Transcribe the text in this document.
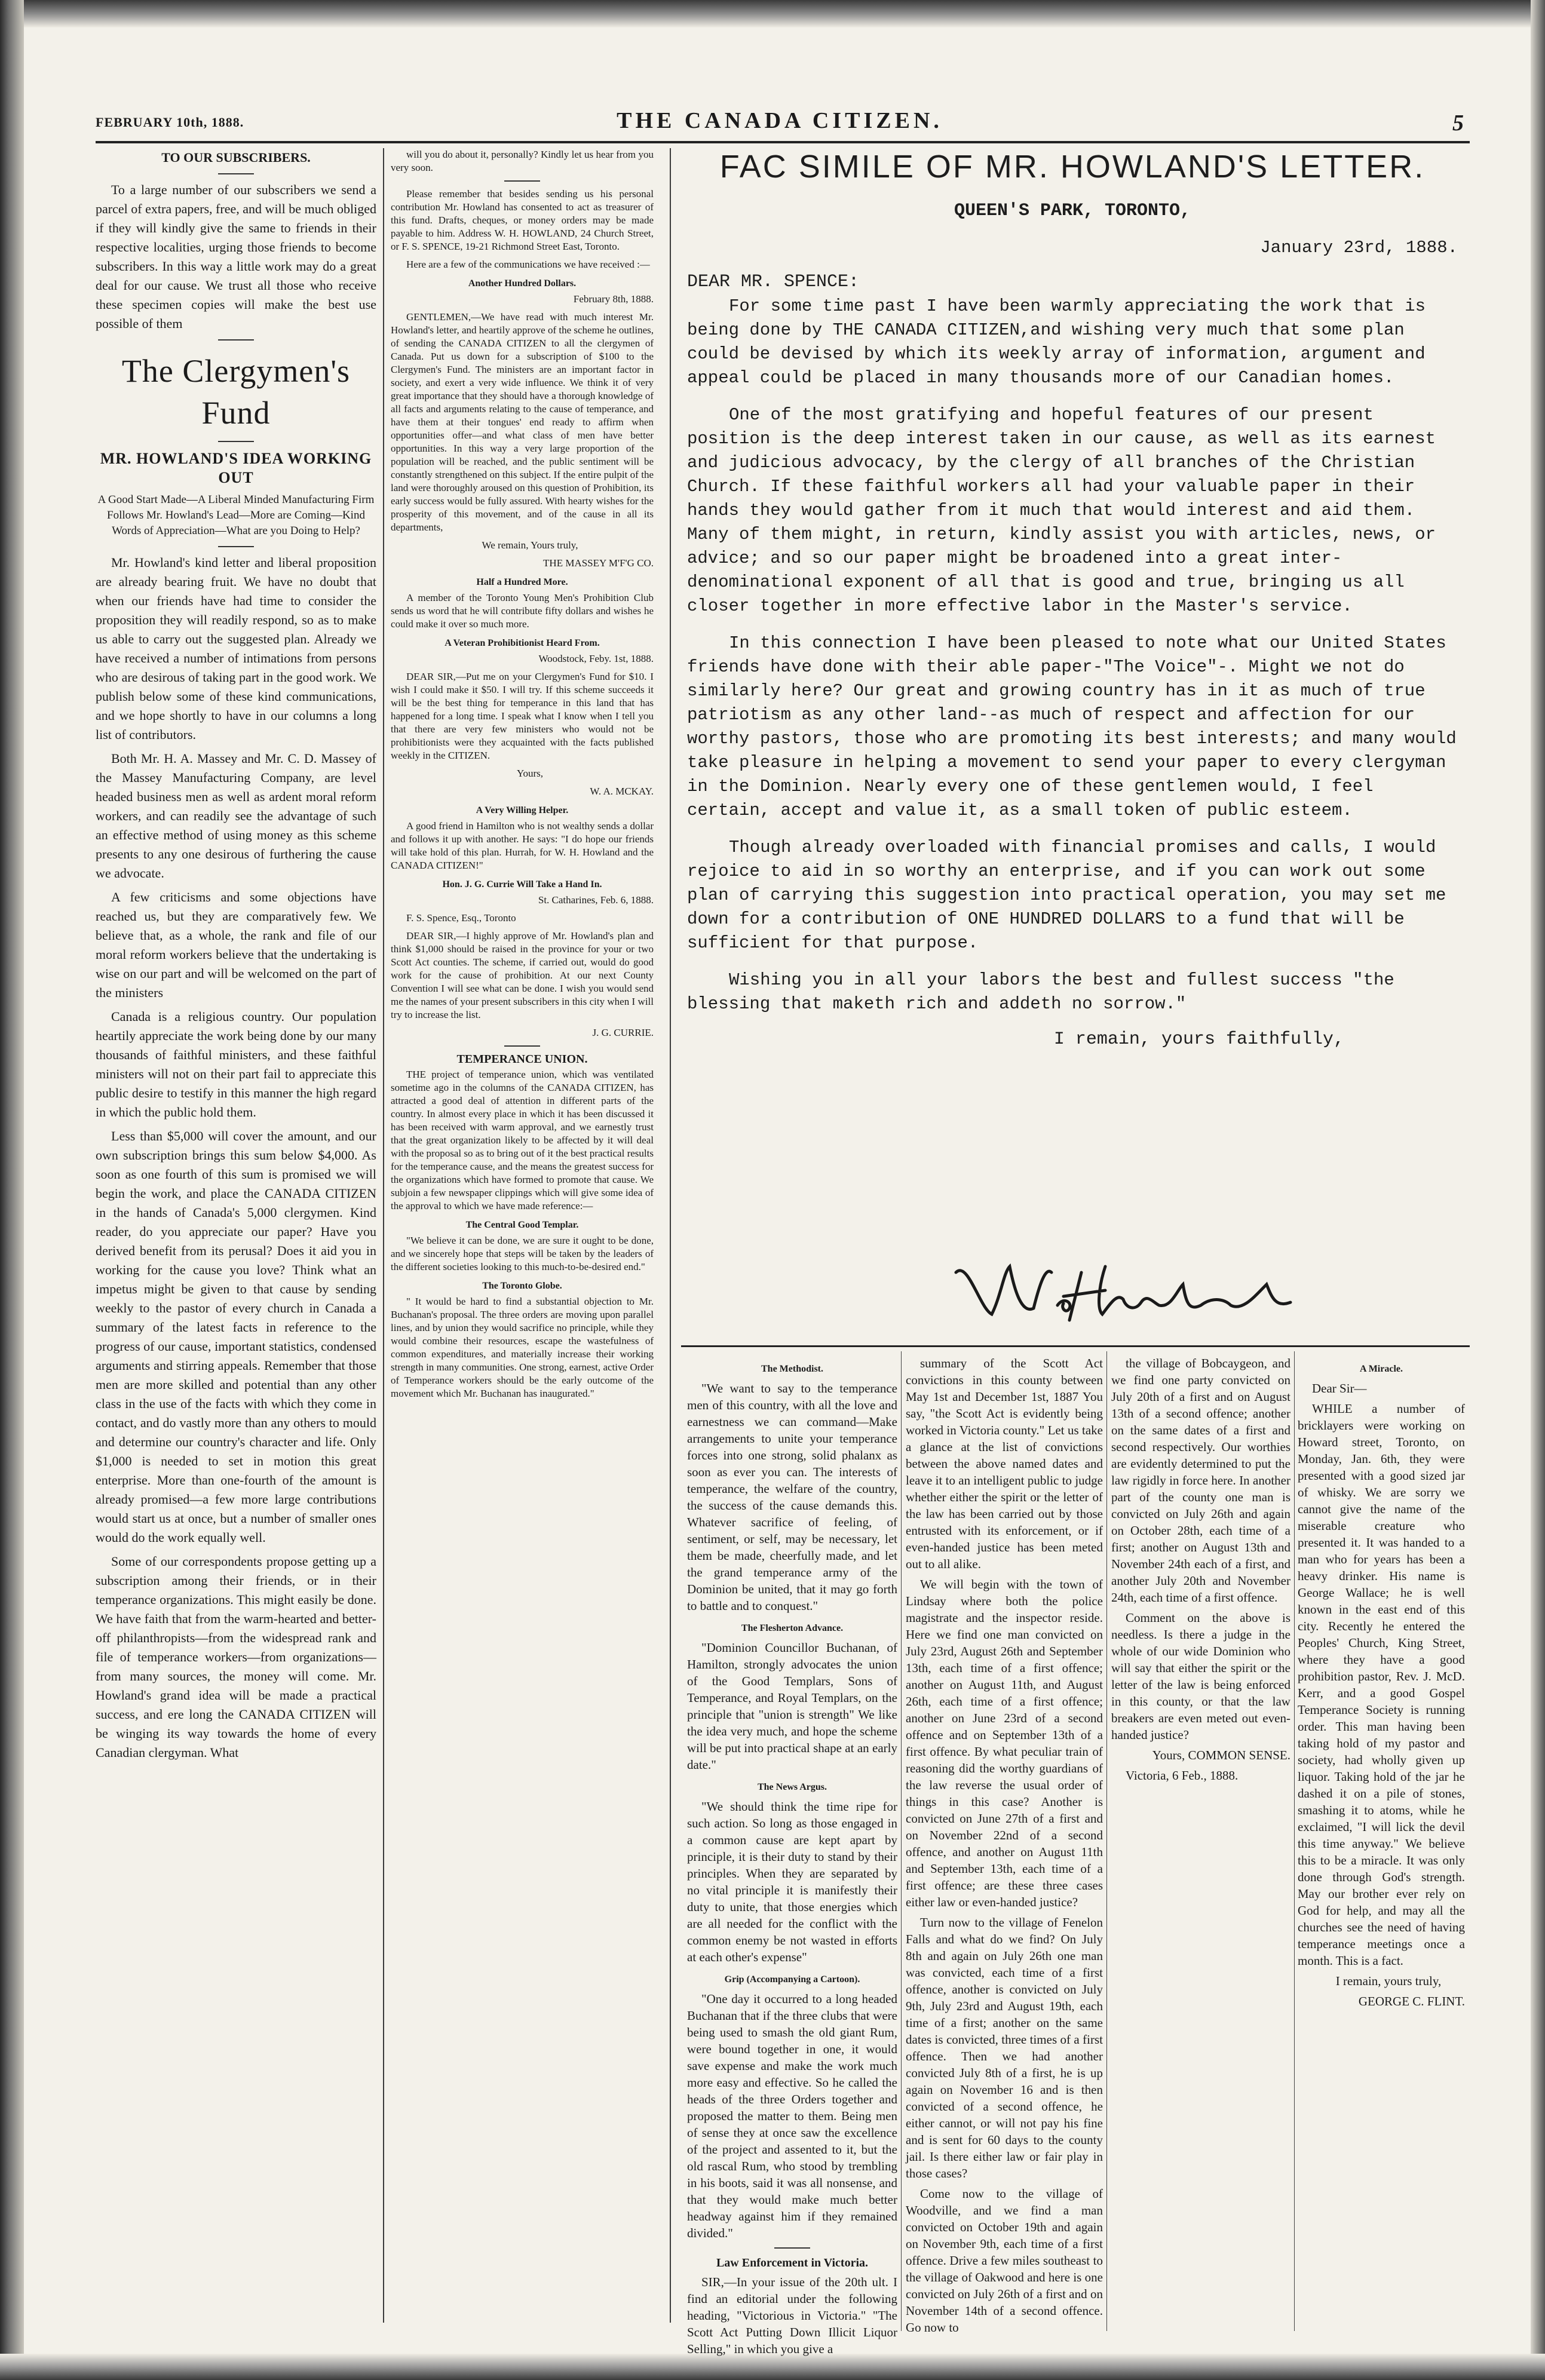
FEBRUARY 10th, 1888.	THE CANADA CITIZEN.	5

TO OUR SUBSCRIBERS.

To a large number of our subscribers we send a parcel of extra papers, free, and will be much obliged if they will kindly give the same to friends in their respective localities, urging those friends to become subscribers. In this way a little work may do a great deal for our cause. We trust all those who receive these specimen copies will make the best use possible of them

The Clergymen's Fund
MR. HOWLAND'S IDEA WORKING OUT
A Good Start Made—A Liberal Minded Manufacturing Firm Follows Mr. Howland's Lead—More are Coming—Kind Words of Appreciation—What are you Doing to Help?

Mr. Howland's kind letter and liberal proposition are already bearing fruit. We have no doubt that when our friends have had time to consider the proposition they will readily respond, so as to make us able to carry out the suggested plan. Already we have received a number of intimations from persons who are desirous of taking part in the good work. We publish below some of these kind communications, and we hope shortly to have in our columns a long list of contributors.

Both Mr. H. A. Massey and Mr. C. D. Massey of the Massey Manufacturing Company, are level headed business men as well as ardent moral reform workers, and can readily see the advantage of such an effective method of using money as this scheme presents to any one desirous of furthering the cause we advocate.

A few criticisms and some objections have reached us, but they are comparatively few. We believe that, as a whole, the rank and file of our moral reform workers believe that the undertaking is wise on our part and will be welcomed on the part of the ministers

Canada is a religious country. Our population heartily appreciate the work being done by our many thousands of faithful ministers, and these faithful ministers will not on their part fail to appreciate this public desire to testify in this manner the high regard in which the public hold them.

Less than $5,000 will cover the amount, and our own subscription brings this sum below $4,000. As soon as one fourth of this sum is promised we will begin the work, and place the CANADA CITIZEN in the hands of Canada's 5,000 clergymen. Kind reader, do you appreciate our paper? Have you derived benefit from its perusal? Does it aid you in working for the cause you love? Think what an impetus might be given to that cause by sending weekly to the pastor of every church in Canada a summary of the latest facts in reference to the progress of our cause, important statistics, condensed arguments and stirring appeals. Remember that those men are more skilled and potential than any other class in the use of the facts with which they come in contact, and do vastly more than any others to mould and determine our country's character and life. Only $1,000 is needed to set in motion this great enterprise. More than one-fourth of the amount is already promised—a few more large contributions would start us at once, but a number of smaller ones would do the work equally well.

Some of our correspondents propose getting up a subscription among their friends, or in their temperance organizations. This might easily be done. We have faith that from the warm-hearted and better-off philanthropists—from the widespread rank and file of temperance workers—from organizations—from many sources, the money will come. Mr. Howland's grand idea will be made a practical success, and ere long the CANADA CITIZEN will be winging its way towards the home of every Canadian clergyman. What

will you do about it, personally? Kindly let us hear from you very soon.

Please remember that besides sending us his personal contribution Mr. Howland has consented to act as treasurer of this fund. Drafts, cheques, or money orders may be made payable to him. Address W. H. HOWLAND, 24 Church Street, or F. S. SPENCE, 19-21 Richmond Street East, Toronto.

Here are a few of the communications we have received :—

Another Hundred Dollars.

February 8th, 1888.

GENTLEMEN,—We have read with much interest Mr. Howland's letter, and heartily approve of the scheme he outlines, of sending the CANADA CITIZEN to all the clergymen of Canada. Put us down for a subscription of $100 to the Clergymen's Fund. The ministers are an important factor in society, and exert a very wide influence. We think it of very great importance that they should have a thorough knowledge of all facts and arguments relating to the cause of temperance, and have them at their tongues' end ready to affirm when opportunities offer—and what class of men have better opportunities. In this way a very large proportion of the population will be reached, and the public sentiment will be constantly strengthened on this subject. If the entire pulpit of the land were thoroughly aroused on this question of Prohibition, its early success would be fully assured. With hearty wishes for the prosperity of this movement, and of the cause in all its departments,

We remain, Yours truly,

THE MASSEY M'F'G CO.

Half a Hundred More.

A member of the Toronto Young Men's Prohibition Club sends us word that he will contribute fifty dollars and wishes he could make it over so much more.

A Veteran Prohibitionist Heard From.

Woodstock, Feby. 1st, 1888.

DEAR SIR,—Put me on your Clergymen's Fund for $10. I wish I could make it $50. I will try. If this scheme succeeds it will be the best thing for temperance in this land that has happened for a long time. I speak what I know when I tell you that there are very few ministers who would not be prohibitionists were they acquainted with the facts published weekly in the CITIZEN.

Yours,

W. A. MCKAY.

A Very Willing Helper.

A good friend in Hamilton who is not wealthy sends a dollar and follows it up with another. He says: "I do hope our friends will take hold of this plan. Hurrah, for W. H. Howland and the CANADA CITIZEN!"

Hon. J. G. Currie Will Take a Hand In.

St. Catharines, Feb. 6, 1888.

F. S. Spence, Esq., Toronto

DEAR SIR,—I highly approve of Mr. Howland's plan and think $1,000 should be raised in the province for your or two Scott Act counties. The scheme, if carried out, would do good work for the cause of prohibition. At our next County Convention I will see what can be done. I wish you would send me the names of your present subscribers in this city when I will try to increase the list.

J. G. CURRIE.

TEMPERANCE UNION.

THE project of temperance union, which was ventilated sometime ago in the columns of the CANADA CITIZEN, has attracted a good deal of attention in different parts of the country. In almost every place in which it has been discussed it has been received with warm approval, and we earnestly trust that the great organization likely to be affected by it will deal with the proposal so as to bring out of it the best practical results for the temperance cause, and the means the greatest success for the organizations which have formed to promote that cause. We subjoin a few newspaper clippings which will give some idea of the approval to which we have made reference:—

The Central Good Templar.

"We believe it can be done, we are sure it ought to be done, and we sincerely hope that steps will be taken by the leaders of the different societies looking to this much-to-be-desired end."

The Toronto Globe.

" It would be hard to find a substantial objection to Mr. Buchanan's proposal. The three orders are moving upon parallel lines, and by union they would sacrifice no principle, while they would combine their resources, escape the wastefulness of common expenditures, and materially increase their working strength in many communities. One strong, earnest, active Order of Temperance workers should be the early outcome of the movement which Mr. Buchanan has inaugurated."

FAC SIMILE OF MR. HOWLAND'S LETTER.
QUEEN'S PARK, TORONTO,
January 23rd, 1888.
DEAR MR. SPENCE:

For some time past I have been warmly appreciating the work that is being done by THE CANADA CITIZEN,and wishing very much that some plan could be devised by which its weekly array of information, argument and appeal could be placed in many thousands more of our Canadian homes.

One of the most gratifying and hopeful features of our present position is the deep interest taken in our cause, as well as its earnest and judicious advocacy, by the clergy of all branches of the Christian Church. If these faithful workers all had your valuable paper in their hands they would gather from it much that would interest and aid them. Many of them might, in return, kindly assist you with articles, news, or advice; and so our paper might be broadened into a great inter-denominational exponent of all that is good and true, bringing us all closer together in more effective labor in the Master's service.

In this connection I have been pleased to note what our United States friends have done with their able paper-"The Voice"-. Might we not do similarly here? Our great and growing country has in it as much of true patriotism as any other land--as much of respect and affection for our worthy pastors, those who are promoting its best interests; and many would take pleasure in helping a movement to send your paper to every clergyman in the Dominion. Nearly every one of these gentlemen would, I feel certain, accept and value it, as a small token of public esteem.

Though already overloaded with financial promises and calls, I would rejoice to aid in so worthy an enterprise, and if you can work out some plan of carrying this suggestion into practical operation, you may set me down for a contribution of ONE HUNDRED DOLLARS to a fund that will be sufficient for that purpose.

Wishing you in all your labors the best and fullest success "the blessing that maketh rich and addeth no sorrow."

I remain, yours faithfully,
The Methodist.

"We want to say to the temperance men of this country, with all the love and earnestness we can command—Make arrangements to unite your temperance forces into one strong, solid phalanx as soon as ever you can. The interests of temperance, the welfare of the country, the success of the cause demands this. Whatever sacrifice of feeling, of sentiment, or self, may be necessary, let them be made, cheerfully made, and let the grand temperance army of the Dominion be united, that it may go forth to battle and to conquest."

The Flesherton Advance.

"Dominion Councillor Buchanan, of Hamilton, strongly advocates the union of the Good Templars, Sons of Temperance, and Royal Templars, on the principle that "union is strength" We like the idea very much, and hope the scheme will be put into practical shape at an early date."

The News Argus.

"We should think the time ripe for such action. So long as those engaged in a common cause are kept apart by principle, it is their duty to stand by their principles. When they are separated by no vital principle it is manifestly their duty to unite, that those energies which are all needed for the conflict with the common enemy be not wasted in efforts at each other's expense"

Grip (Accompanying a Cartoon).

"One day it occurred to a long headed Buchanan that if the three clubs that were being used to smash the old giant Rum, were bound together in one, it would save expense and make the work much more easy and effective. So he called the heads of the three Orders together and proposed the matter to them. Being men of sense they at once saw the excellence of the project and assented to it, but the old rascal Rum, who stood by trembling in his boots, said it was all nonsense, and that they would make much better headway against him if they remained divided."

Law Enforcement in Victoria.

SIR,—In your issue of the 20th ult. I find an editorial under the following heading, "Victorious in Victoria." "The Scott Act Putting Down Illicit Liquor Selling," in which you give a

summary of the Scott Act convictions in this county between May 1st and December 1st, 1887 You say, "the Scott Act is evidently being worked in Victoria county." Let us take a glance at the list of convictions between the above named dates and leave it to an intelligent public to judge whether either the spirit or the letter of the law has been carried out by those entrusted with its enforcement, or if even-handed justice has been meted out to all alike.

We will begin with the town of Lindsay where both the police magistrate and the inspector reside. Here we find one man convicted on July 23rd, August 26th and September 13th, each time of a first offence; another on August 11th, and August 26th, each time of a first offence; another on June 23rd of a second offence and on September 13th of a first offence. By what peculiar train of reasoning did the worthy guardians of the law reverse the usual order of things in this case? Another is convicted on June 27th of a first and on November 22nd of a second offence, and another on August 11th and September 13th, each time of a first offence; are these three cases either law or even-handed justice?

Turn now to the village of Fenelon Falls and what do we find? On July 8th and again on July 26th one man was convicted, each time of a first offence, another is convicted on July 9th, July 23rd and August 19th, each time of a first; another on the same dates is convicted, three times of a first offence. Then we had another convicted July 8th of a first, he is up again on November 16 and is then convicted of a second offence, he either cannot, or will not pay his fine and is sent for 60 days to the county jail. Is there either law or fair play in those cases?

Come now to the village of Woodville, and we find a man convicted on October 19th and again on November 9th, each time of a first offence. Drive a few miles southeast to the village of Oakwood and here is one convicted on July 26th of a first and on November 14th of a second offence. Go now to

the village of Bobcaygeon, and we find one party convicted on July 20th of a first and on August 13th of a second offence; another on the same dates of a first and second respectively. Our worthies are evidently determined to put the law rigidly in force here. In another part of the county one man is convicted on July 26th and again on October 28th, each time of a first; another on August 13th and November 24th each of a first, and another July 20th and November 24th, each time of a first offence.

Comment on the above is needless. Is there a judge in the whole of our wide Dominion who will say that either the spirit or the letter of the law is being enforced in this county, or that the law breakers are even meted out even-handed justice?

Yours, COMMON SENSE.

Victoria, 6 Feb., 1888.

A Miracle.

Dear Sir—

WHILE a number of bricklayers were working on Howard street, Toronto, on Monday, Jan. 6th, they were presented with a good sized jar of whisky. We are sorry we cannot give the name of the miserable creature who presented it. It was handed to a man who for years has been a heavy drinker. His name is George Wallace; he is well known in the east end of this city. Recently he entered the Peoples' Church, King Street, where they have a good prohibition pastor, Rev. J. McD. Kerr, and a good Gospel Temperance Society is running order. This man having been taking hold of my pastor and society, had wholly given up liquor. Taking hold of the jar he dashed it on a pile of stones, smashing it to atoms, while he exclaimed, "I will lick the devil this time anyway." We believe this to be a miracle. It was only done through God's strength. May our brother ever rely on God for help, and may all the churches see the need of having temperance meetings once a month. This is a fact.

I remain, yours truly,

GEORGE C. FLINT.
